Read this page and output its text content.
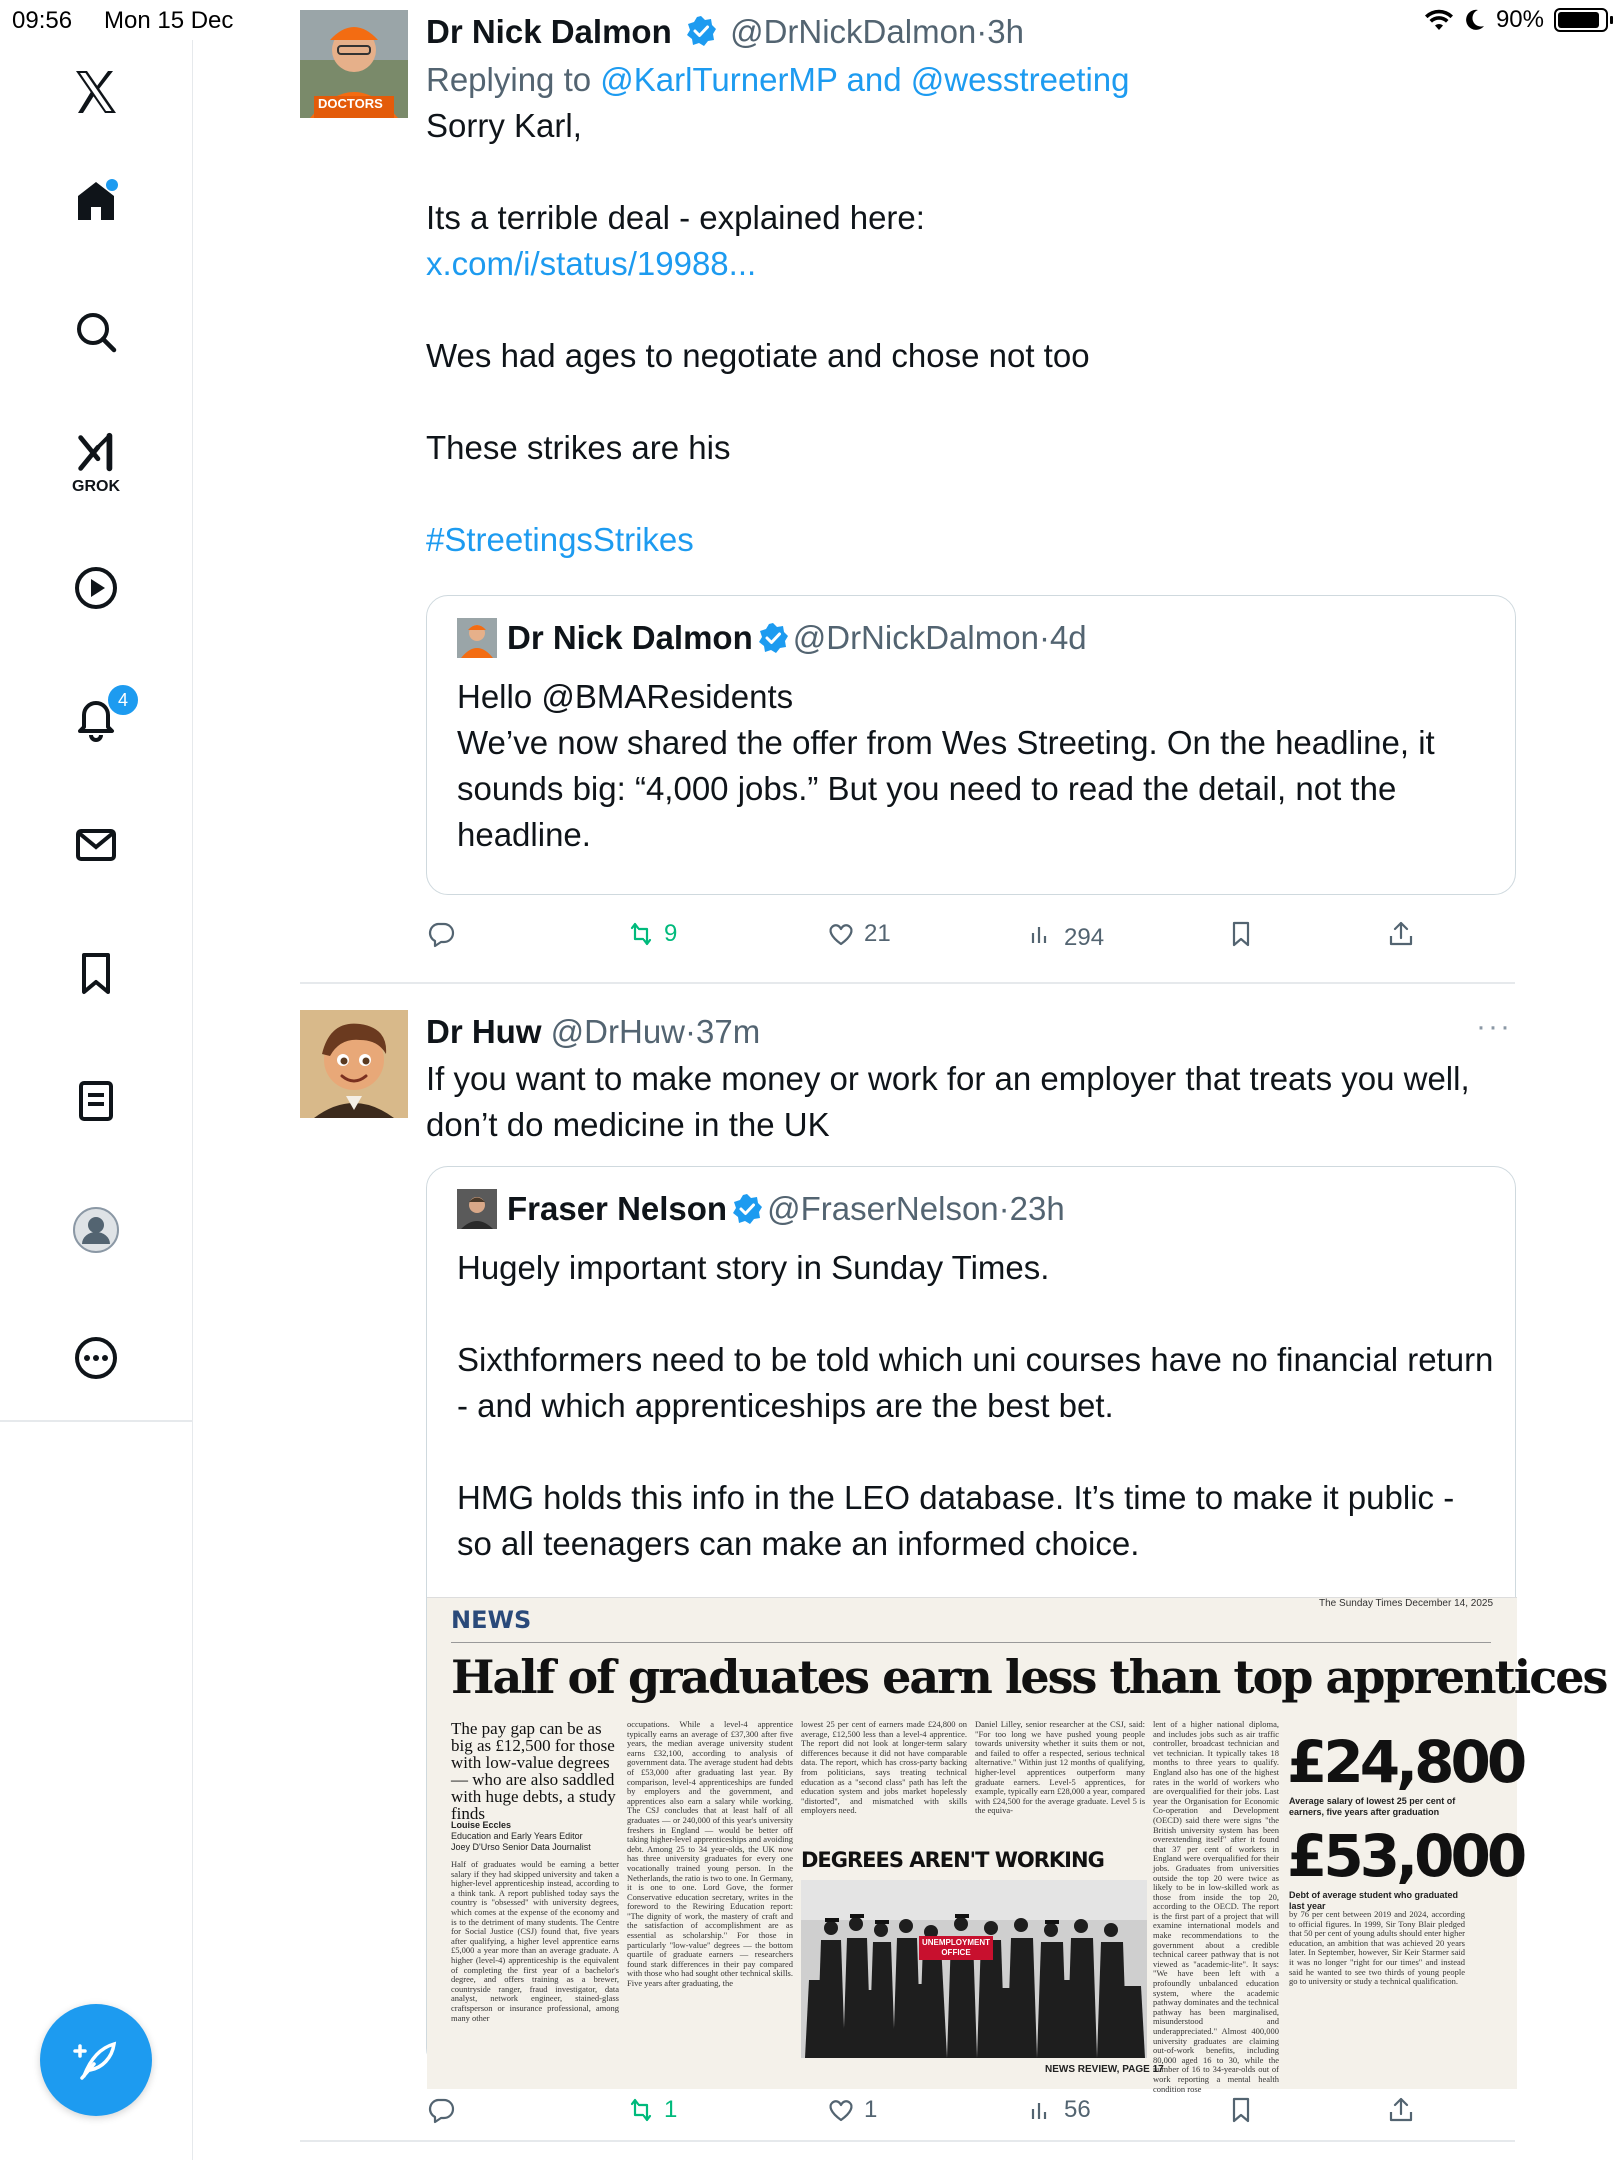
09:56 Mon 15 Dec	90%
GROK
4
DOCTORS
Dr Nick Dalmon @DrNickDalmon·3h
Replying to @KarlTurnerMP and @wesstreeting
Sorry Karl,
Its a terrible deal - explained here:
x.com/i/status/19988...
Wes had ages to negotiate and chose not too
These strikes are his
#StreetingsStrikes
Dr Nick Dalmon @DrNickDalmon · 4d
Hello @BMAResidents
We’ve now shared the offer from Wes Streeting. On the headline, it sounds big: “4,000 jobs.” But you need to read the detail, not the headline.
9	21	294
Dr Huw @DrHuw·37m	···
If you want to make money or work for an employer that treats you well, don’t do medicine in the UK
Fraser Nelson @FraserNelson · 23h
Hugely important story in Sunday Times.
Sixthformers need to be told which uni courses have no financial return - and which apprenticeships are the best bet.
HMG holds this info in the LEO database. It’s time to make it public - so all teenagers can make an informed choice.
NEWS
The Sunday Times December 14, 2025
Half of graduates earn less than top apprentices
The pay gap can be as big as £12,500 for those with low-value degrees — who are also saddled with huge debts, a study finds
Louise Eccles
Education and Early Years Editor
Joey D'Urso Senior Data Journalist
Half of graduates would be earning a better salary if they had skipped university and taken a higher-level apprenticeship instead, according to a think tank. A report published today says the country is "obsessed" with university degrees, which comes at the expense of the economy and is to the detriment of many students. The Centre for Social Justice (CSJ) found that, five years after qualifying, a higher level apprentice earns £5,000 a year more than an average graduate. A higher (level-4) apprenticeship is the equivalent of completing the first year of a bachelor's degree, and offers training as a brewer, countryside ranger, fraud investigator, data analyst, network engineer, stained-glass craftsperson or insurance professional, among many other
occupations. While a level-4 apprentice typically earns an average of £37,300 after five years, the median average university student earns £32,100, according to analysis of government data. The average student had debts of £53,000 after graduating last year. By comparison, level-4 apprenticeships are funded by employers and the government, and apprentices also earn a salary while working. The CSJ concludes that at least half of all graduates — or 240,000 of this year's university freshers in England — would be better off taking higher-level apprenticeships and avoiding debt. Among 25 to 34 year-olds, the UK now has three university graduates for every one vocationally trained young person. In the Netherlands, the ratio is two to one. In Germany, it is one to one. Lord Gove, the former Conservative education secretary, writes in the foreword to the Rewiring Education report: "The dignity of work, the mastery of craft and the satisfaction of accomplishment are as essential as scholarship." For those in particularly "low-value" degrees — the bottom quartile of graduate earners — researchers found stark differences in their pay compared with those who had sought other technical skills. Five years after graduating, the
lowest 25 per cent of earners made £24,800 on average, £12,500 less than a level-4 apprentice. The report did not look at longer-term salary differences because it did not have comparable data. The report, which has cross-party backing from politicians, says treating technical education as a "second class" path has left the education system and jobs market hopelessly "distorted", and mismatched with skills employers need.
Daniel Lilley, senior researcher at the CSJ, said: "For too long we have pushed young people towards university whether it suits them or not, and failed to offer a respected, serious technical alternative." Within just 12 months of qualifying, higher-level apprentices outperform many graduate earners. Level-5 apprentices, for example, typically earn £28,000 a year, compared with £24,500 for the average graduate. Level 5 is the equiva-
lent of a higher national diploma, and includes jobs such as air traffic controller, broadcast technician and vet technician. It typically takes 18 months to three years to qualify. England also has one of the highest rates in the world of workers who are overqualified for their jobs. Last year the Organisation for Economic Co-operation and Development (OECD) said there were signs "the British university system has been overextending itself" after it found that 37 per cent of workers in England were overqualified for their jobs. Graduates from universities outside the top 20 were twice as likely to be in low-skilled work as those from inside the top 20, according to the OECD. The report is the first part of a project that will examine international models and make recommendations to the government about a credible technical career pathway that is not viewed as "academic-lite". It says: "We have been left with a profoundly unbalanced education system, where the academic pathway dominates and the technical pathway has been marginalised, misunderstood and underappreciated." Almost 400,000 university graduates are claiming out-of-work benefits, including 80,000 aged 16 to 30, while the number of 16 to 34-year-olds out of work reporting a mental health condition rose
by 76 per cent between 2019 and 2024, according to official figures. In 1999, Sir Tony Blair pledged that 50 per cent of young adults should enter higher education, an ambition that was achieved 20 years later. In September, however, Sir Keir Starmer said it was no longer "right for our times" and instead said he wanted to see two thirds of young people go to university or study a technical qualification.
£24,800
Average salary of lowest 25 per cent of earners, five years after graduation
£53,000
Debt of average student who graduated last year
DEGREES AREN'T WORKING
UNEMPLOYMENT OFFICE
NEWS REVIEW, PAGE 17
1	1	56
